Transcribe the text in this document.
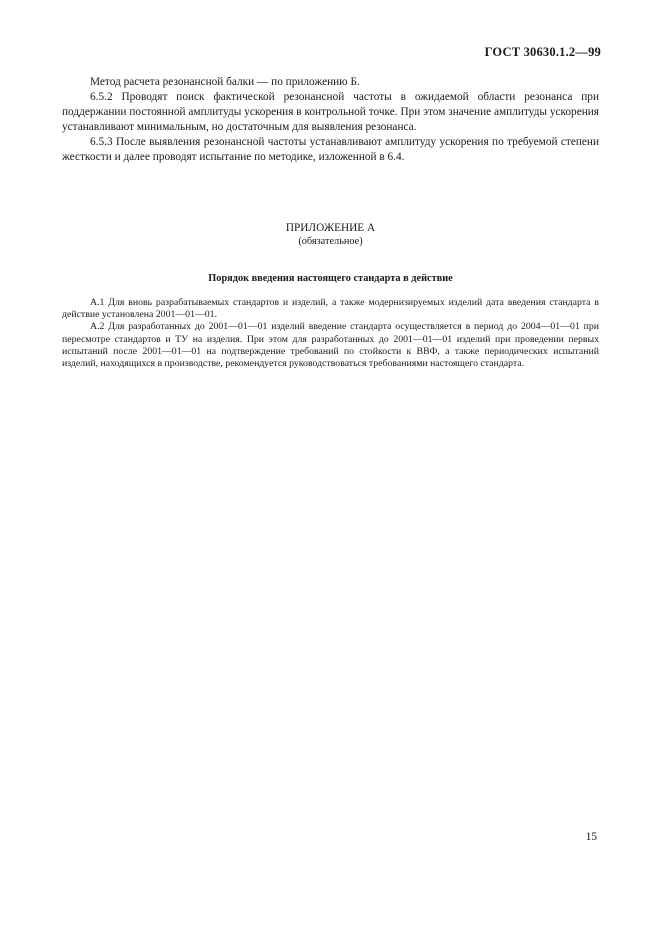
ГОСТ 30630.1.2—99

Метод расчета резонансной балки — по приложению Б.

6.5.2 Проводят поиск фактической резонансной частоты в ожидаемой области резонанса при поддержании постоянной амплитуды ускорения в контрольной точке. При этом значение амплитуды ускорения устанавливают минимальным, но достаточным для выявления резонанса.

6.5.3 После выявления резонансной частоты устанавливают амплитуду ускорения по требуемой степени жесткости и далее проводят испытание по методике, изложенной в 6.4.

ПРИЛОЖЕНИЕ А
(обязательное)
Порядок введения настоящего стандарта в действие

А.1 Для вновь разрабатываемых стандартов и изделий, а также модернизируемых изделий дата введения стандарта в действие установлена 2001—01—01.

А.2 Для разработанных до 2001—01—01 изделий введение стандарта осуществляется в период до 2004—01—01 при пересмотре стандартов и ТУ на изделия. При этом для разработанных до 2001—01—01 изделий при проведении первых испытаний после 2001—01—01 на подтверждение требований по стойкости к ВВФ, а также периодических испытаний изделий, находящихся в производстве, рекомендуется руководствоваться требованиями настоящего стандарта.

15
